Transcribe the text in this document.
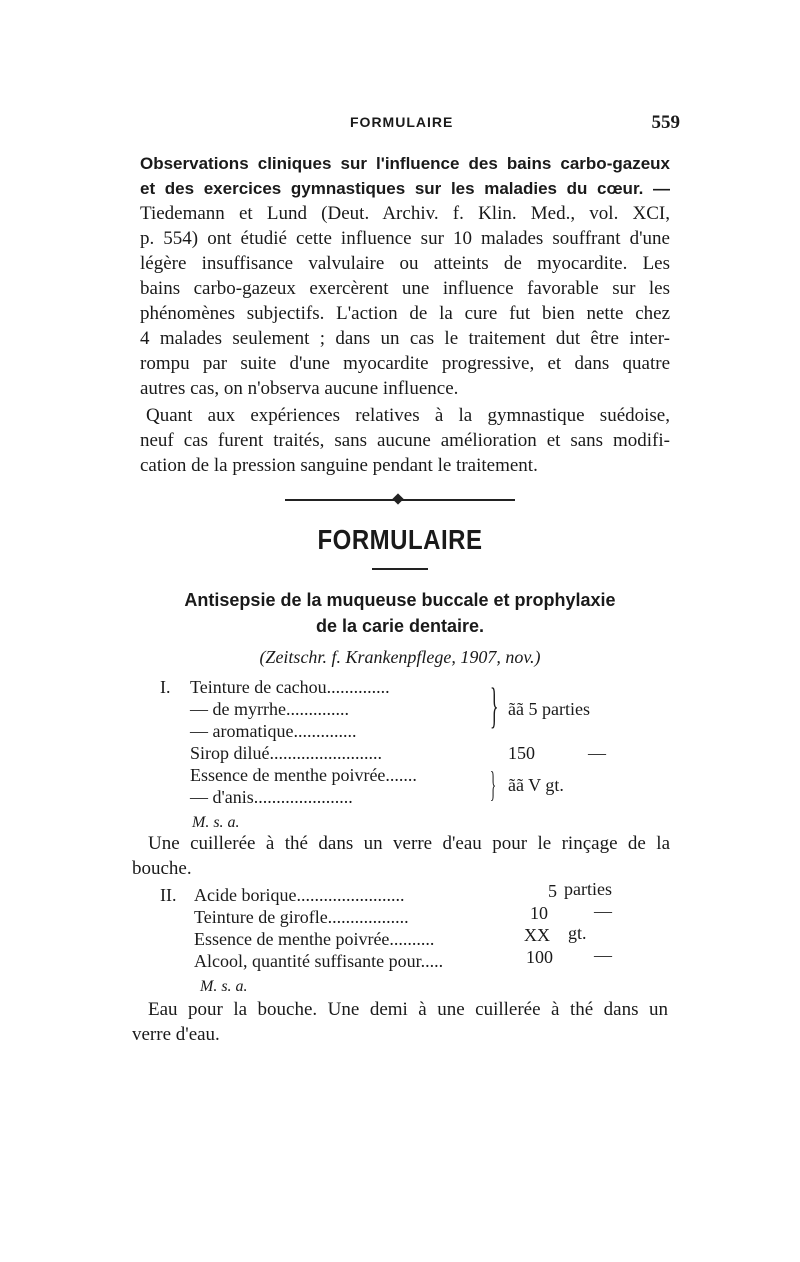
FORMULAIRE	559
Observations cliniques sur l'influence des bains carbo-gazeux
et des exercices gymnastiques sur les maladies du cœur. —
Tiedemann et Lund (Deut. Archiv. f. Klin. Med., vol. XCI,
p. 554) ont étudié cette influence sur 10 malades souffrant d'une
légère insuffisance valvulaire ou atteints de myocardite. Les
bains carbo-gazeux exercèrent une influence favorable sur les
phénomènes subjectifs. L'action de la cure fut bien nette chez
4 malades seulement ; dans un cas le traitement dut être inter-
rompu par suite d'une myocardite progressive, et dans quatre
autres cas, on n'observa aucune influence.
Quant aux expériences relatives à la gymnastique suédoise,
neuf cas furent traités, sans aucune amélioration et sans modifi-
cation de la pression sanguine pendant le traitement.
FORMULAIRE
Antisepsie de la muqueuse buccale et prophylaxie
de la carie dentaire.
(Zeitschr. f. Krankenpflege, 1907, nov.)
I. Teinture de cachou..............
— de myrrhe..............
— aromatique..............	} ãã 5 parties
Sirop dilué.........................	150	—
Essence de menthe poivrée.......
— d'anis......................	} ãã V gt.
M. s. a.
Une cuillerée à thé dans un verre d'eau pour le rinçage de la
bouche.
II. Acide borique........................	5 parties
Teinture de girofle..................	10	—
Essence de menthe poivrée..........	XX gt.
Alcool, quantité suffisante pour.....	100 —
M. s. a.
Eau pour la bouche. Une demi à une cuillerée à thé dans un
verre d'eau.
